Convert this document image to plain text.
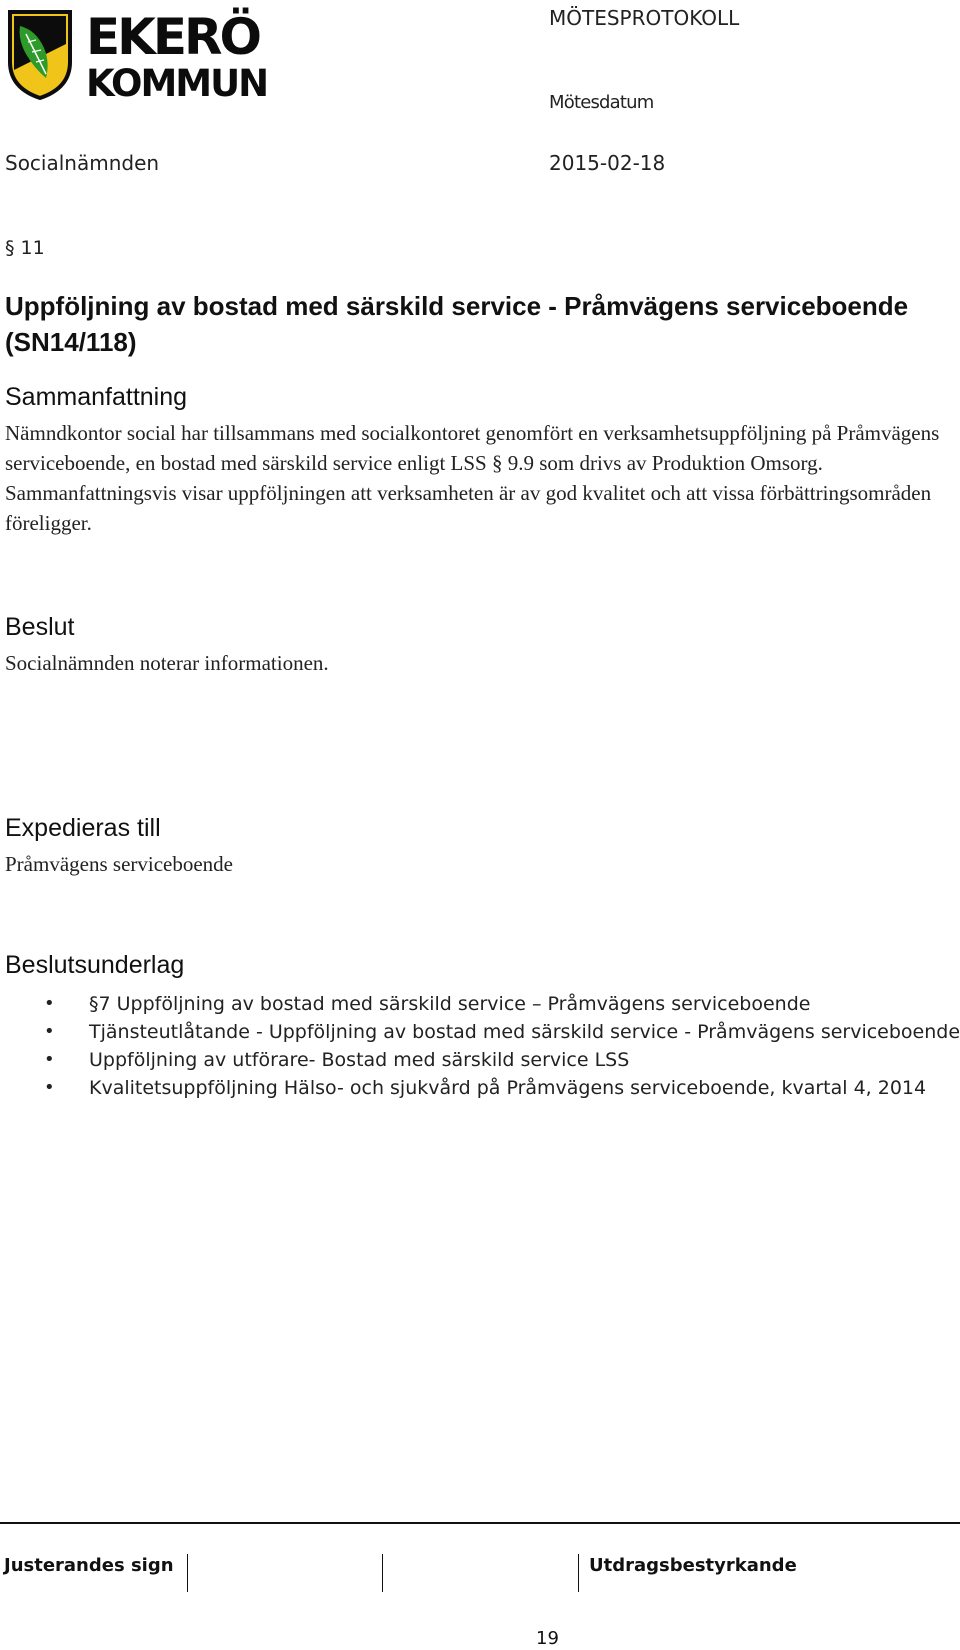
EKERÖ
KOMMUN
MÖTESPROTOKOLL
Mötesdatum
Socialnämnden	2015-02-18
§ 11
Uppföljning av bostad med särskild service - Pråmvägens serviceboende (SN14/118)
Sammanfattning
Nämndkontor social har tillsammans med socialkontoret genomfört en verksamhetsuppföljning på Pråmvägens serviceboende, en bostad med särskild service enligt LSS § 9.9 som drivs av Produktion Omsorg. Sammanfattningsvis visar uppföljningen att verksamheten är av god kvalitet och att vissa förbättringsområden föreligger.
Beslut
Socialnämnden noterar informationen.
Expedieras till
Pråmvägens serviceboende
Beslutsunderlag
• §7 Uppföljning av bostad med särskild service – Pråmvägens serviceboende
• Tjänsteutlåtande - Uppföljning av bostad med särskild service - Pråmvägens serviceboende
• Uppföljning av utförare- Bostad med särskild service LSS
• Kvalitetsuppföljning Hälso- och sjukvård på Pråmvägens serviceboende, kvartal 4, 2014
Justerandes sign	Utdragsbestyrkande
19
